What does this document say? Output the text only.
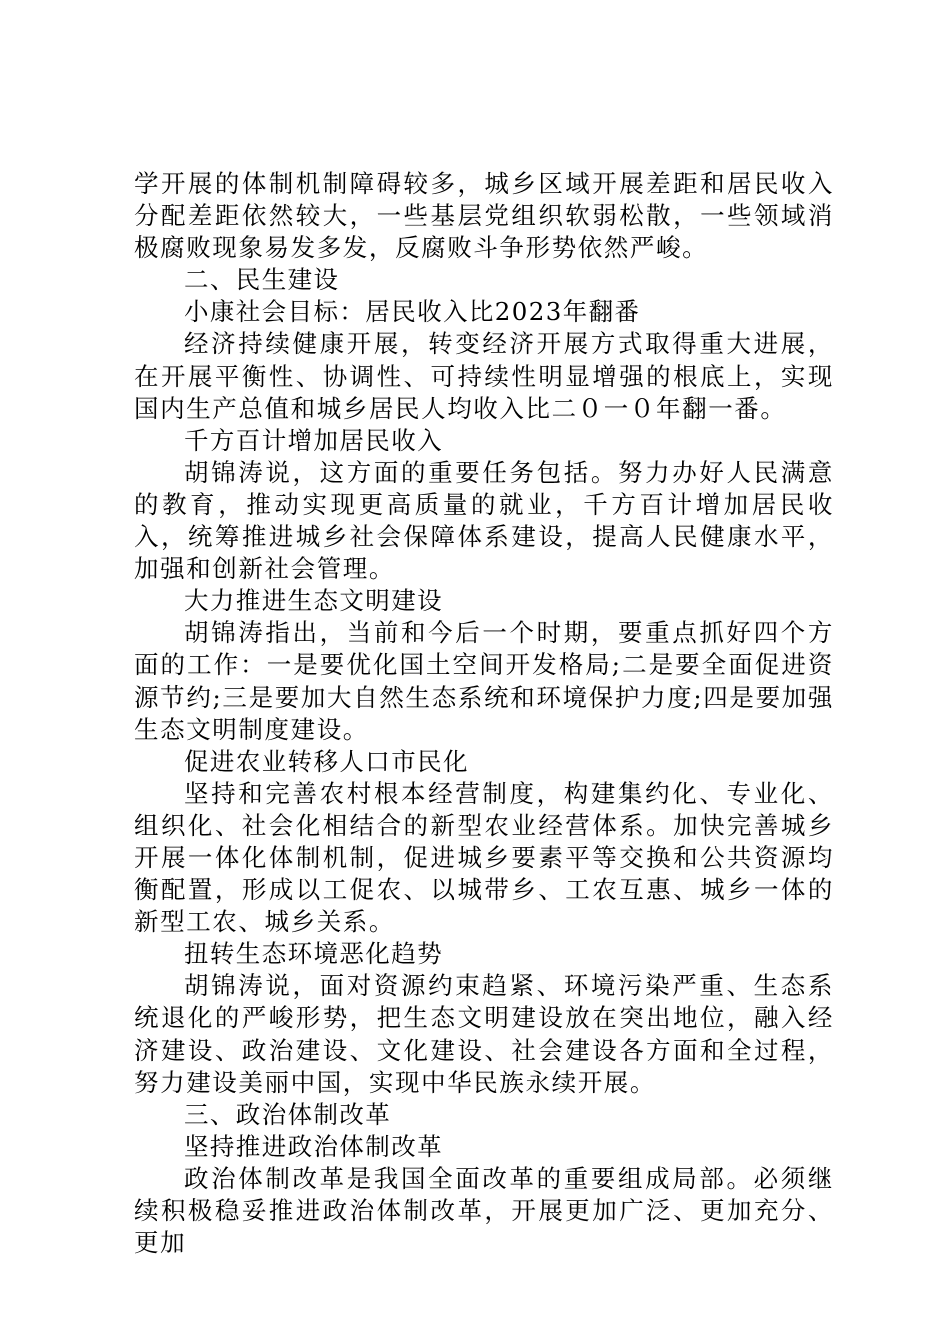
学开展的体制机制障碍较多，城乡区域开展差距和居民收入分配差距依然较大，一些基层党组织软弱松散，一些领域消极腐败现象易发多发，反腐败斗争形势依然严峻。

二、民生建设

小康社会目标：居民收入比2023年翻番

经济持续健康开展，转变经济开展方式取得重大进展，在开展平衡性、协调性、可持续性明显增强的根底上，实现国内生产总值和城乡居民人均收入比二０一０年翻一番。

千方百计增加居民收入

胡锦涛说，这方面的重要任务包括。努力办好人民满意的教育，推动实现更高质量的就业，千方百计增加居民收入，统筹推进城乡社会保障体系建设，提高人民健康水平，加强和创新社会管理。

大力推进生态文明建设

胡锦涛指出，当前和今后一个时期，要重点抓好四个方面的工作：一是要优化国土空间开发格局;二是要全面促进资源节约;三是要加大自然生态系统和环境保护力度;四是要加强生态文明制度建设。

促进农业转移人口市民化

坚持和完善农村根本经营制度，构建集约化、专业化、组织化、社会化相结合的新型农业经营体系。加快完善城乡开展一体化体制机制，促进城乡要素平等交换和公共资源均衡配置，形成以工促农、以城带乡、工农互惠、城乡一体的新型工农、城乡关系。

扭转生态环境恶化趋势

胡锦涛说，面对资源约束趋紧、环境污染严重、生态系统退化的严峻形势，把生态文明建设放在突出地位，融入经济建设、政治建设、文化建设、社会建设各方面和全过程，努力建设美丽中国，实现中华民族永续开展。

三、政治体制改革

坚持推进政治体制改革

政治体制改革是我国全面改革的重要组成局部。必须继续积极稳妥推进政治体制改革，开展更加广泛、更加充分、更加
